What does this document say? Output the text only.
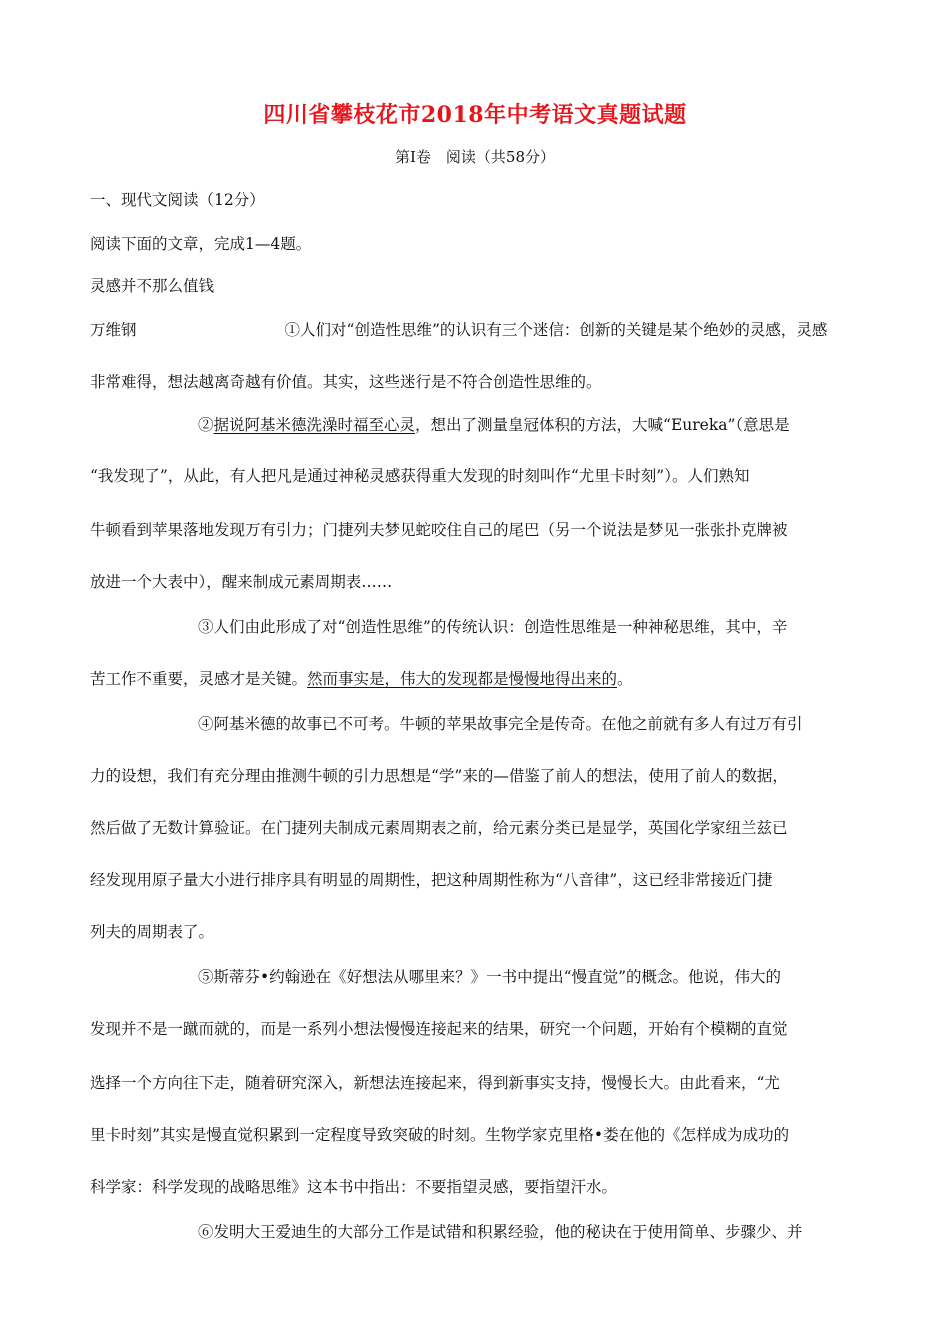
四川省攀枝花市2018年中考语文真题试题
第Ⅰ卷　阅读（共58分）
一、现代文阅读（12分）
阅读下面的文章，完成1—4题。
灵感并不那么值钱
万维钢	①人们对“创造性思维”的认识有三个迷信：创新的关键是某个绝妙的灵感，灵感
非常难得，想法越离奇越有价值。其实，这些迷行是不符合创造性思维的。
②据说阿基米德洗澡时福至心灵，想出了测量皇冠体积的方法，大喊“Eureka”（意思是
“我发现了”，从此，有人把凡是通过神秘灵感获得重大发现的时刻叫作“尤里卡时刻”）。人们熟知
牛顿看到苹果落地发现万有引力；门捷列夫梦见蛇咬住自己的尾巴（另一个说法是梦见一张张扑克牌被
放进一个大表中），醒来制成元素周期表……
③人们由此形成了对“创造性思维”的传统认识：创造性思维是一种神秘思维，其中，辛
苦工作不重要，灵感才是关键。然而事实是，伟大的发现都是慢慢地得出来的。
④阿基米德的故事已不可考。牛顿的苹果故事完全是传奇。在他之前就有多人有过万有引
力的设想，我们有充分理由推测牛顿的引力思想是“学”来的—借鉴了前人的想法，使用了前人的数据，
然后做了无数计算验证。在门捷列夫制成元素周期表之前，给元素分类已是显学，英国化学家纽兰兹已
经发现用原子量大小进行排序具有明显的周期性，把这种周期性称为“八音律”，这已经非常接近门捷
列夫的周期表了。
⑤斯蒂芬•约翰逊在《好想法从哪里来？》一书中提出“慢直觉”的概念。他说，伟大的
发现并不是一蹴而就的，而是一系列小想法慢慢连接起来的结果，研究一个问题，开始有个模糊的直觉
选择一个方向往下走，随着研究深入，新想法连接起来，得到新事实支持，慢慢长大。由此看来，“尤
里卡时刻”其实是慢直觉积累到一定程度导致突破的时刻。生物学家克里格•娄在他的《怎样成为成功的
科学家：科学发现的战略思维》这本书中指出：不要指望灵感，要指望汗水。
⑥发明大王爱迪生的大部分工作是试错和积累经验，他的秘诀在于使用简单、步骤少、并
